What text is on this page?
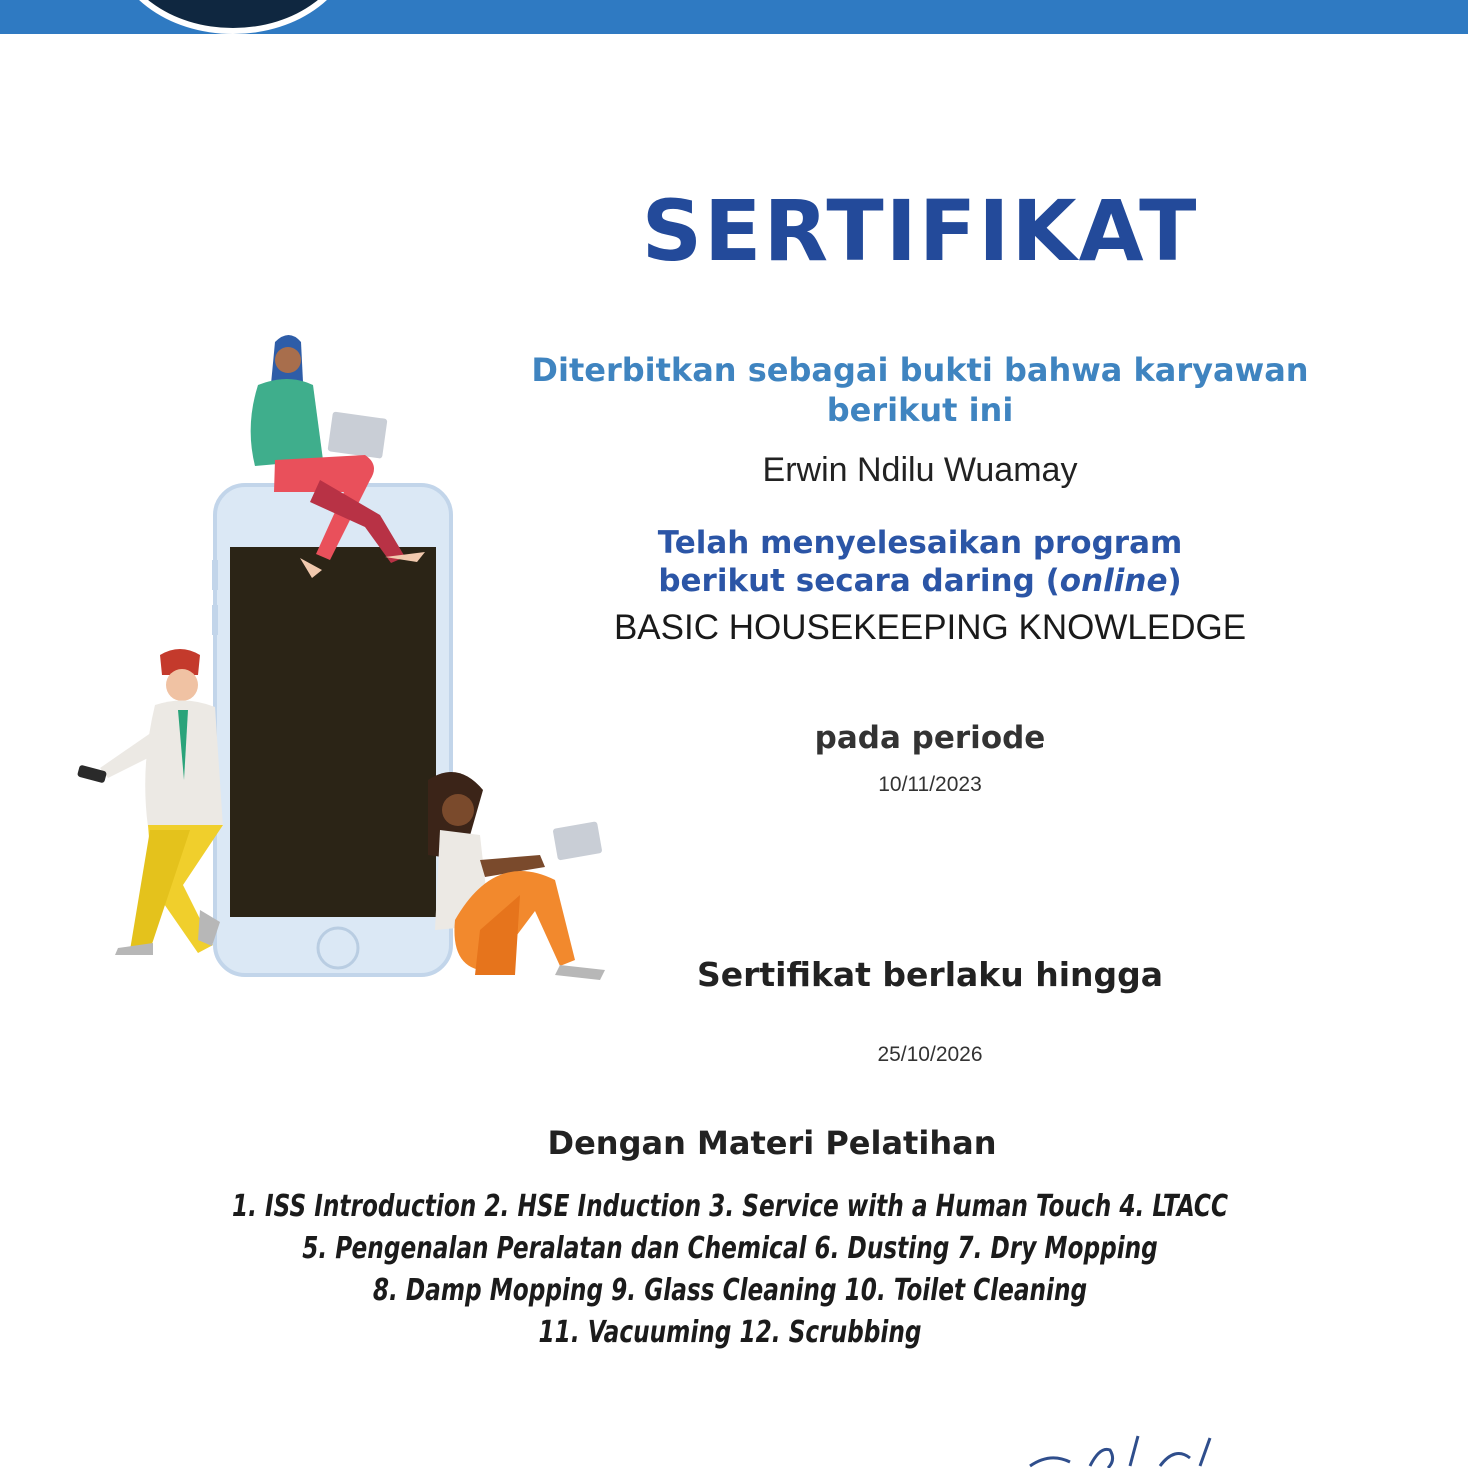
SERTIFIKAT
Diterbitkan sebagai bukti bahwa karyawan
berikut ini
Erwin Ndilu Wuamay
Telah menyelesaikan program
berikut secara daring (online)
BASIC HOUSEKEEPING KNOWLEDGE
pada periode
10/11/2023
Sertifikat berlaku hingga
25/10/2026
Dengan Materi Pelatihan
1. ISS Introduction 2. HSE Induction 3. Service with a Human Touch 4. LTACC
5. Pengenalan Peralatan dan Chemical 6. Dusting 7. Dry Mopping
8. Damp Mopping 9. Glass Cleaning 10. Toilet Cleaning
11. Vacuuming 12. Scrubbing
